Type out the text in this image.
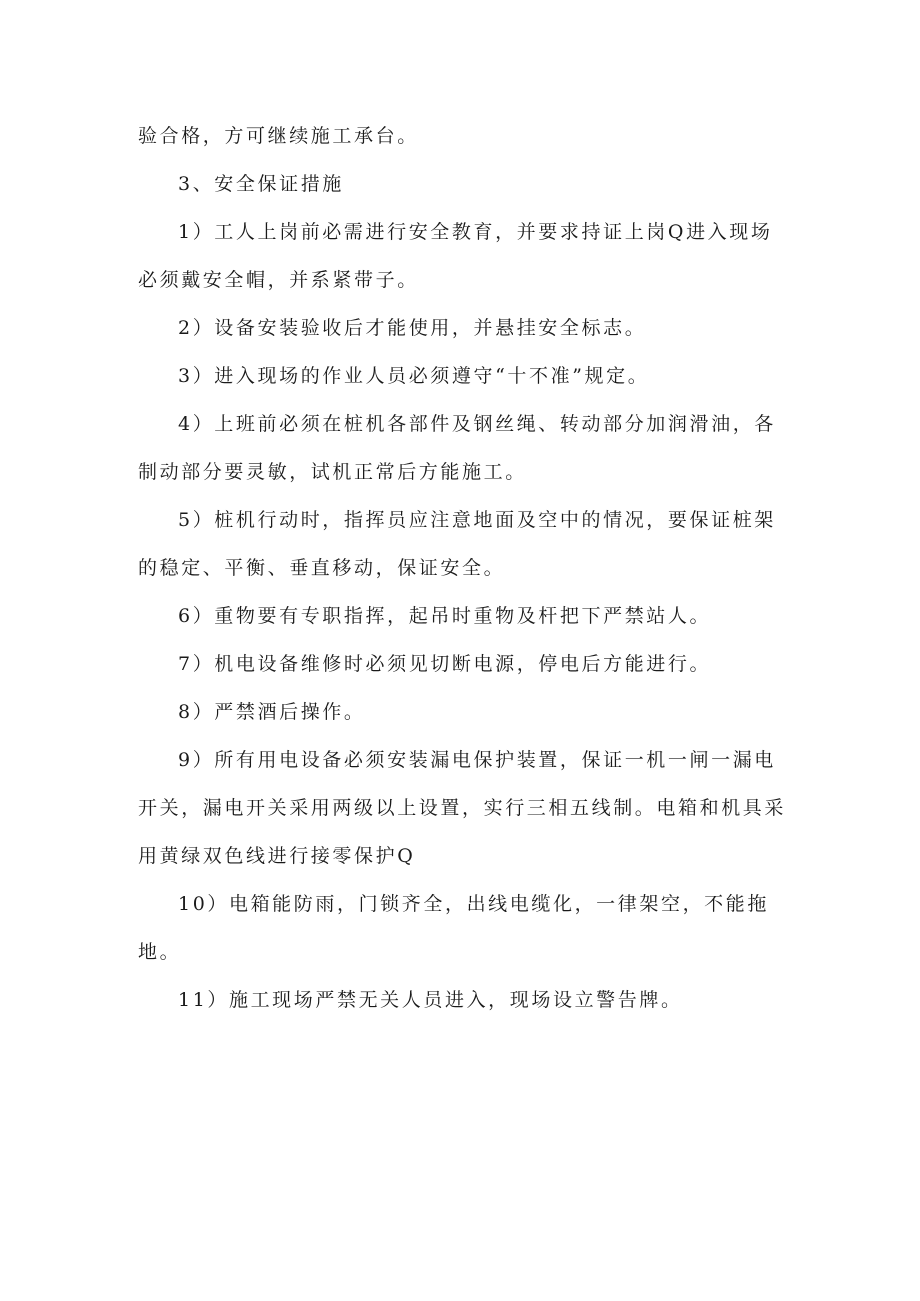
验合格，方可继续施工承台。

3、安全保证措施

1）工人上岗前必需进行安全教育，并要求持证上岗Q进入现场必须戴安全帽，并系紧带子。

2）设备安装验收后才能使用，并悬挂安全标志。

3）进入现场的作业人员必须遵守“十不准”规定。

4）上班前必须在桩机各部件及钢丝绳、转动部分加润滑油，各制动部分要灵敏，试机正常后方能施工。

5）桩机行动时，指挥员应注意地面及空中的情况，要保证桩架的稳定、平衡、垂直移动，保证安全。

6）重物要有专职指挥，起吊时重物及杆把下严禁站人。

7）机电设备维修时必须见切断电源，停电后方能进行。

8）严禁酒后操作。

9）所有用电设备必须安装漏电保护装置，保证一机一闸一漏电开关，漏电开关采用两级以上设置，实行三相五线制。电箱和机具采用黄绿双色线进行接零保护Q

10）电箱能防雨，门锁齐全，出线电缆化，一律架空，不能拖地。

11）施工现场严禁无关人员进入，现场设立警告牌。
